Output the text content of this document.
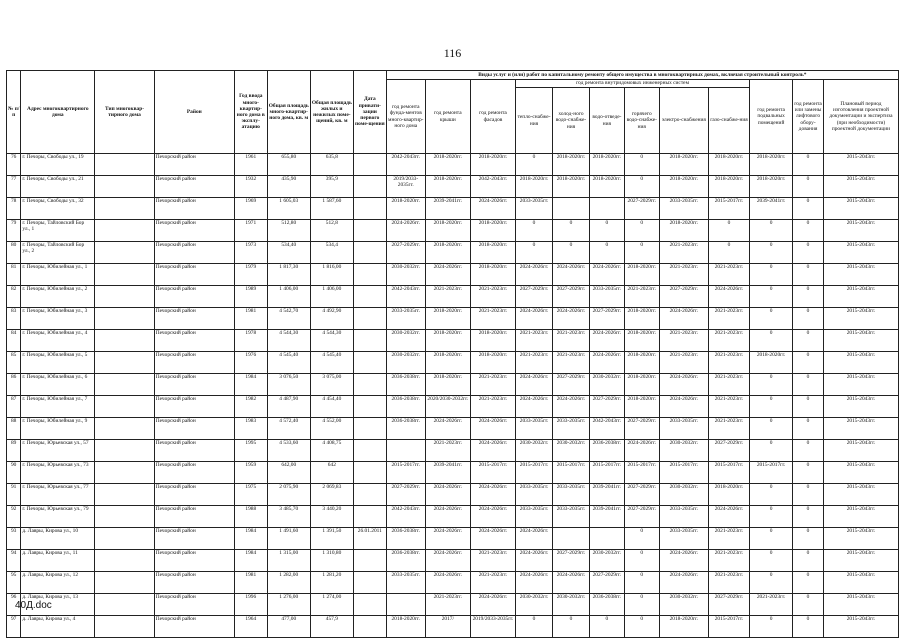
116
№ п/п	Адрес многоквартирного дома	Тип многоквар-тирного дома	Район	Год ввода много-квартир-ного дома в эксплу-атацию	Общая площадь много-квартир-ного дома, кв. м	Общая площадь жилых и нежилых поме-щений, кв. м	Дата привати-зации первого поме-щения	Виды услуг и (или) работ по капитальному ремонту общего имущества в многоквартирных домах, включая строительный контроль*											
								год ремонта фунда-ментов много-квартир-ного дома	год ремонта крыши	год ремонта фасадов	год ремонта внутридомовых инженерных систем						год ремонта подвальных помещений	год ремонта или замены лифтового обору-дования	Плановый период изготовления проектной документации и экспертиза (при необходимости) проектной документации
											тепло-снабже-ния	холод-ного водо-снабже-ния	водо-отведе-ния	горячего водо-снабже-ния	электро-снабжения	газо-снабже-ния			
76	г. Печоры, Свободы ул., 19		Печорский район	1961	655,80	635,8		2042-2043гг.	2018-2020гг.	2018-2020гг.	0	2018-2020гг.	2018-2020гг.	0	2018-2020гг.	2018-2020гг.	2018-2020гг.	0	2015-2043гг.
77	г. Печоры, Свободы ул., 21		Печорский район	1932	435,90	395,9		2019/2033-2035гг.	2018-2020гг.	2042-2043гг.	2018-2020гг.	2018-2020гг.	2018-2020гг.	0	2018-2020гг.	2018-2020гг.	2018-2020гг.	0	2015-2043гг.
78	г. Печоры, Свободы ул., 32		Печорский район	1969	1 605,03	1 587,60		2018-2020гг.	2039-2041гг.	2024-2026гг.	2033-2035гг.			2027-2029гг.	2033-2035гг.	2015-2017гг.	2039-2041гг.	0	2015-2043гг.
79	г. Печоры, Тайловский Бор ул., 1		Печорский район	1971	512,80	512,8		2024-2026гг.	2018-2020гг.	2018-2020гг.	0	0	0	0	2018-2020гг.	0	0	0	2015-2043гг.
80	г. Печоры, Тайловский Бор ул., 2		Печорский район	1973	534,40	534,4		2027-2029гг.	2018-2020гг.	2018-2020гг.	0	0	0	0	2021-2023гг.	0	0	0	2015-2043гг.
81	г. Печоры, Юбилейная ул., 1		Печорский район	1979	1 817,30	1 816,00		2030-2032гг.	2024-2026гг.	2018-2020гг.	2024-2026гг.	2024-2026гг.	2024-2026гг.	2018-2020гг.	2021-2023гг.	2021-2023гг.	0	0	2015-2043гг.
82	г. Печоры, Юбилейная ул., 2		Печорский район	1989	1 406,00	1 406,00		2042-2043гг.	2021-2023гг.	2021-2023гг.	2027-2029гг.	2027-2029гг.	2033-2035гг.	2021-2023гг.	2027-2029гг.	2024-2026гг.	0	0	2015-2043гг.
83	г. Печоры, Юбилейная ул., 3		Печорский район	1981	4 542,70	4 492,90		2033-2035гг.	2018-2020гг.	2021-2023гг.	2024-2026гг.	2024-2026гг.	2027-2029гг.	2018-2020гг.	2024-2026гг.	2021-2023гг.	0	0	2015-2043гг.
84	г. Печоры, Юбилейная ул., 4		Печорский район	1978	4 544,30	4 544,30		2030-2032гг.	2018-2020гг.	2018-2020гг.	2021-2023гг.	2021-2023гг.	2024-2026гг.	2018-2020гг.	2021-2023гг.	2021-2023гг.	0	0	2015-2043гг.
85	г. Печоры, Юбилейная ул., 5		Печорский район	1976	4 545,40	4 545,40		2030-2032гг.	2018-2020гг.	2018-2020гг.	2021-2023гг.	2021-2023гг.	2024-2026гг.	2018-2020гг.	2021-2023гг.	2021-2023гг.	2018-2020гг.	0	2015-2043гг.
86	г. Печоры, Юбилейная ул., 6		Печорский район	1984	3 076,50	3 075,00		2036-2038гг.	2018-2020гг.	2021-2023гг.	2024-2026гг.	2027-2029гг.	2030-2032гг.	2018-2020гг.	2024-2026гг.	2021-2023гг.	0	0	2015-2043гг.
87	г. Печоры, Юбилейная ул., 7		Печорский район	1982	4 487,90	4 454,40		2036-2038гг.	2020/2030-2032гг.	2021-2023гг.	2024-2026гг.	2024-2026гг.	2027-2029гг.	2018-2020гг.	2024-2026гг.	2021-2023гг.	0	0	2015-2043гг.
88	г. Печоры, Юбилейная ул., 9		Печорский район	1983	4 572,40	4 552,00		2036-2038гг.	2024-2026гг.	2024-2026гг.	2033-2035гг.	2033-2035гг.	2042-2043гг.	2027-2029гг.	2033-2035гг.	2021-2023гг.	0	0	2015-2043гг.
89	г. Печоры, Юрьевская ул., 57		Печорский район	1995	4 533,60	4 408,75			2021-2023гг.	2024-2026гг.	2030-2032гг.	2030-2032гг.	2036-2038гг.	2024-2026гг.	2030-2032гг.	2027-2029гг.	0	0	2015-2043гг.
90	г. Печоры, Юрьевская ул., 73		Печорский район	1959	642,00	642		2015-2017гг.	2039-2041гг.	2015-2017гг.	2015-2017гг.	2015-2017гг.	2015-2017гг.	2015-2017гг.	2015-2017гг.	2015-2017гг.	2015-2017гг.	0	2015-2043гг.
91	г. Печоры, Юрьевская ул., 77		Печорский район	1975	2 075,90	2 069,83		2027-2029гг.	2024-2026гг.	2024-2026гг.	2033-2035гг.	2033-2035гг.	2039-2041гг.	2027-2029гг.	2030-2032гг.	2018-2020гг.	0	0	2015-2043гг.
92	г. Печоры, Юрьевская ул., 79		Печорский район	1988	3 485,70	3 440,20		2042-2043гг.	2024-2026гг.	2024-2026гг.	2033-2035гг.	2033-2035гг.	2039-2041гг.	2027-2029гг.	2033-2035гг.	2024-2026гг.	0	0	2015-2043гг.
93	д. Лавры, Кирова ул., 10		Печорский район	1984	1 491,60	1 391,50	26.01.2011	2036-2038гг.	2024-2026гг.	2024-2026гг.	2024-2026гг.			0	2033-2035гг.	2021-2023гг.	0	0	2015-2043гг.
94	д. Лавры, Кирова ул., 11		Печорский район	1984	1 315,00	1 310,80		2036-2038гг.	2024-2026гг.	2021-2023гг.	2024-2026гг.	2027-2029гг.	2030-2032гг.	0	2024-2026гг.	2021-2023гг.	0	0	2015-2043гг.
95	д. Лавры, Кирова ул., 12		Печорский район	1981	1 282,00	1 281,20		2033-2035гг.	2024-2026гг.	2021-2023гг.	2024-2026гг.	2024-2026гг.	2027-2029гг.	0	2024-2026гг.	2021-2023гг.	0	0	2015-2043гг.
96	д. Лавры, Кирова ул., 13		Печорский район	1996	1 276,00	1 274,00			2021-2023гг.	2024-2026гг.	2030-2032гг.	2030-2032гг.	2036-2038гг.	0	2030-2032гг.	2027-2029гг.	2021-2023гг.	0	2015-2043гг.
97	д. Лавры, Кирова ул., 4		Печорский район	1964	477,00	457,9		2018-2020гг.	2017/	2019/2033-2035гг.	0	0	0	0	2018-2020гг.	2015-2017гг.	0	0	2015-2043гг.
40Д.doc
